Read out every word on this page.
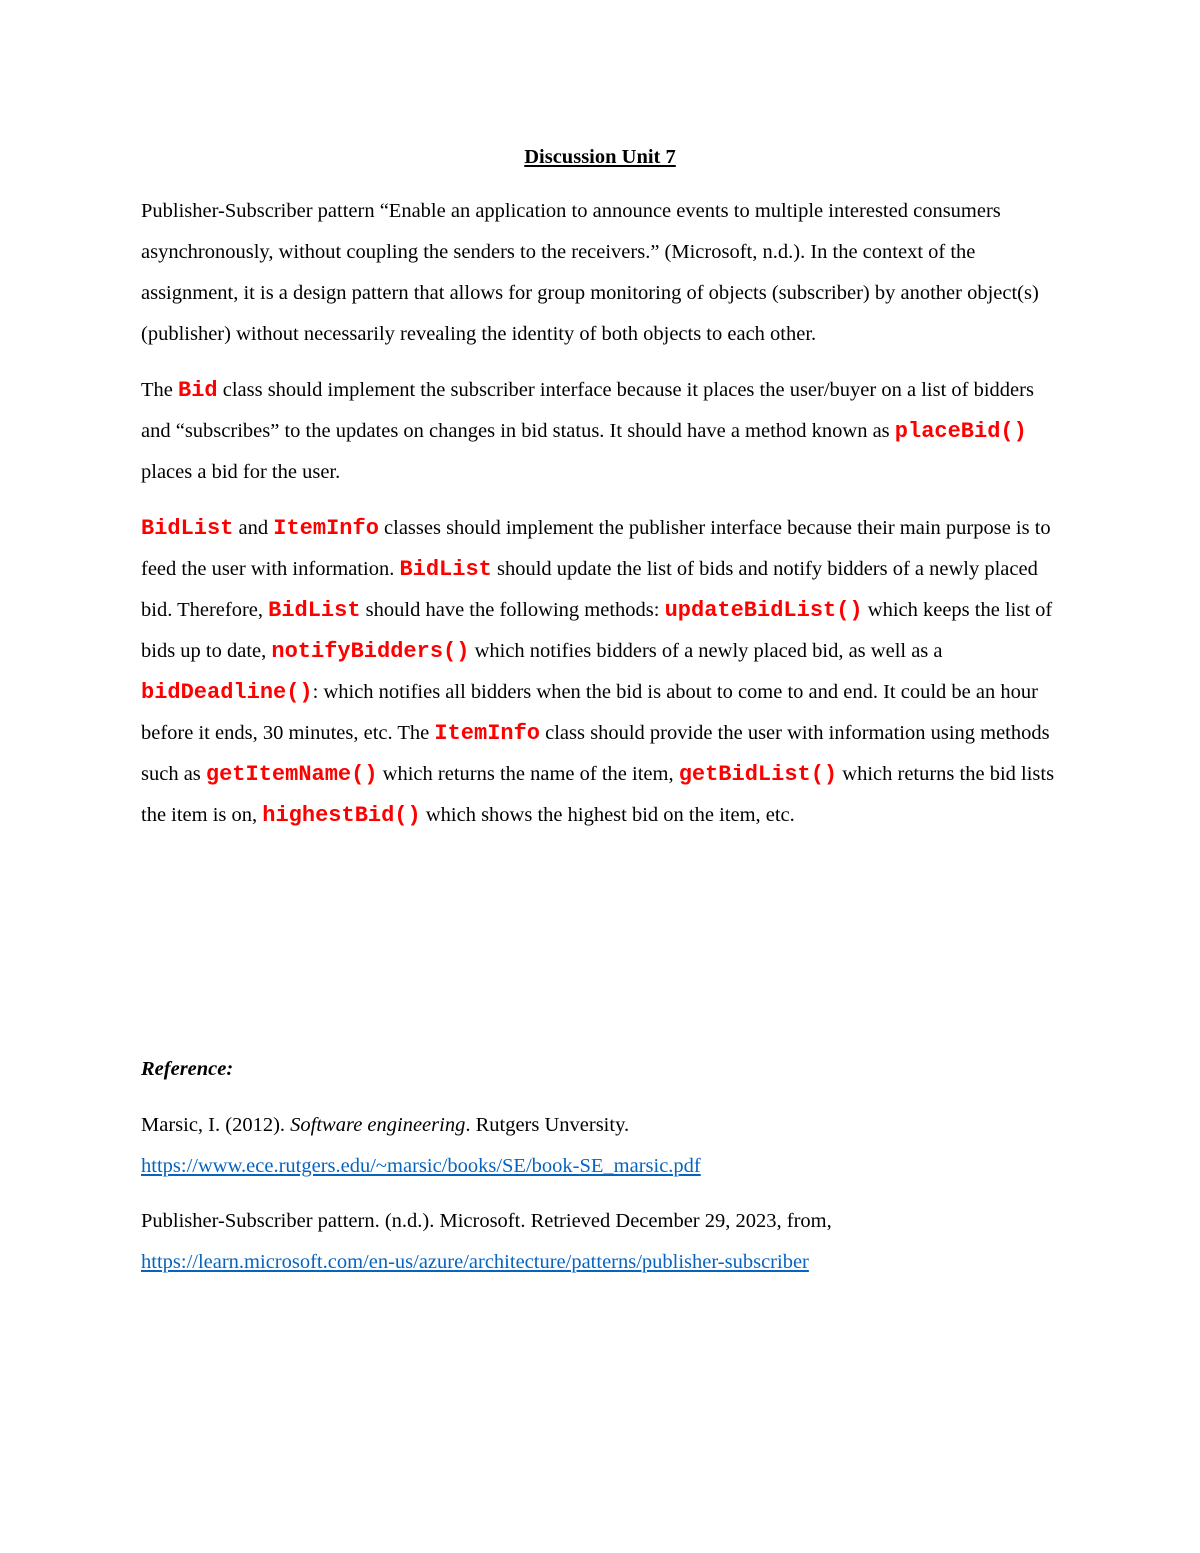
Discussion Unit 7

Publisher-Subscriber pattern “Enable an application to announce events to multiple interested consumers asynchronously, without coupling the senders to the receivers.” (Microsoft, n.d.). In the context of the assignment, it is a design pattern that allows for group monitoring of objects (subscriber) by another object(s) (publisher) without necessarily revealing the identity of both objects to each other.

The Bid class should implement the subscriber interface because it places the user/buyer on a list of bidders and “subscribes” to the updates on changes in bid status. It should have a method known as placeBid() places a bid for the user.

BidList and ItemInfo classes should implement the publisher interface because their main purpose is to feed the user with information. BidList should update the list of bids and notify bidders of a newly placed bid. Therefore, BidList should have the following methods: updateBidList() which keeps the list of bids up to date, notifyBidders() which notifies bidders of a newly placed bid, as well as a bidDeadline(): which notifies all bidders when the bid is about to come to and end. It could be an hour before it ends, 30 minutes, etc. The ItemInfo class should provide the user with information using methods such as getItemName() which returns the name of the item, getBidList() which returns the bid lists the item is on, highestBid() which shows the highest bid on the item, etc.

Reference:

Marsic, I. (2012). Software engineering. Rutgers Unversity.
https://www.ece.rutgers.edu/~marsic/books/SE/book-SE_marsic.pdf

Publisher-Subscriber pattern. (n.d.). Microsoft. Retrieved December 29, 2023, from,
https://learn.microsoft.com/en-us/azure/architecture/patterns/publisher-subscriber
